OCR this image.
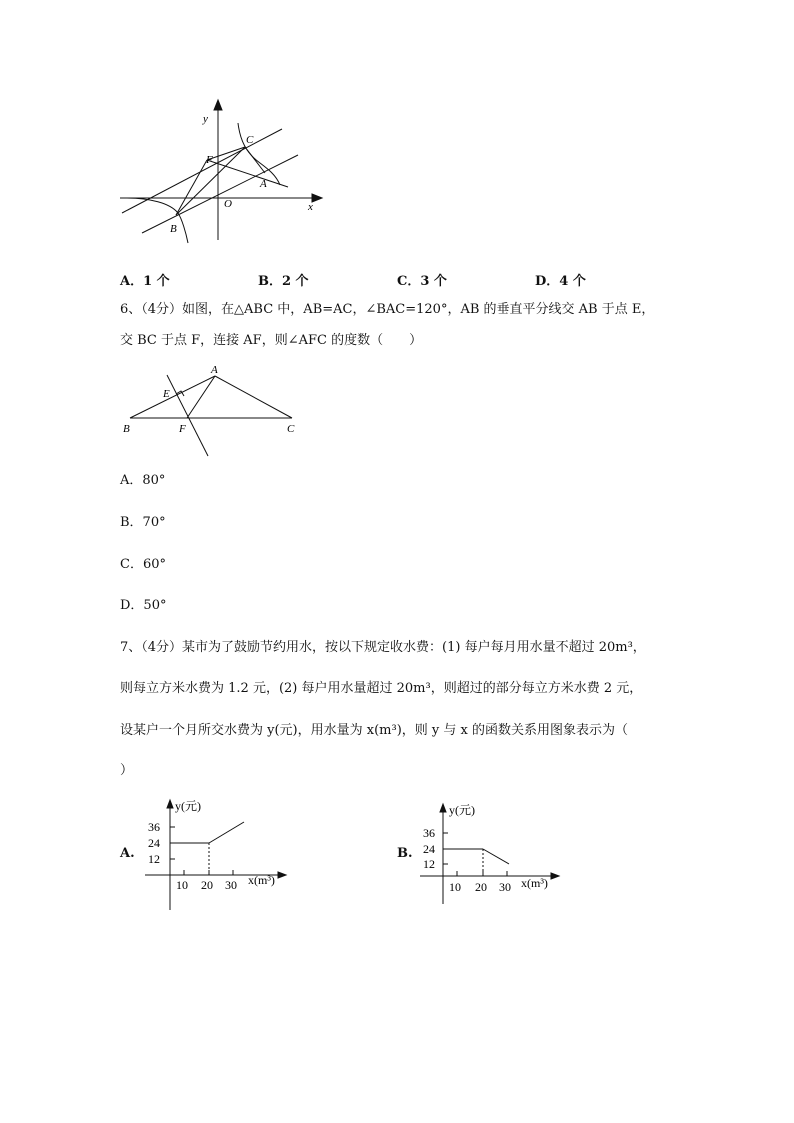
y
x
O
C
F
A
B
A．1 个	B．2 个	C．3 个	D．4 个
6、（4分）如图，在△ABC 中，AB=AC，∠BAC=120°，AB 的垂直平分线交 AB 于点 E，
交 BC 于点 F，连接 AF，则∠AFC 的度数（　　）
A
E
B	F	C
A．80°
B．70°
C．60°
D．50°
7、（4分）某市为了鼓励节约用水，按以下规定收水费：(1) 每户每月用水量不超过 20m³，
则每立方米水费为 1.2 元，(2) 每户用水量超过 20m³，则超过的部分每立方米水费 2 元，
设某户一个月所交水费为 y(元)，用水量为 x(m³)，则 y 与 x 的函数关系用图象表示为（
）
A.
y(元)
36
24
12
10 20 30 x(m³)
B.
y(元)
36
24
12
10 20 30 x(m³)
